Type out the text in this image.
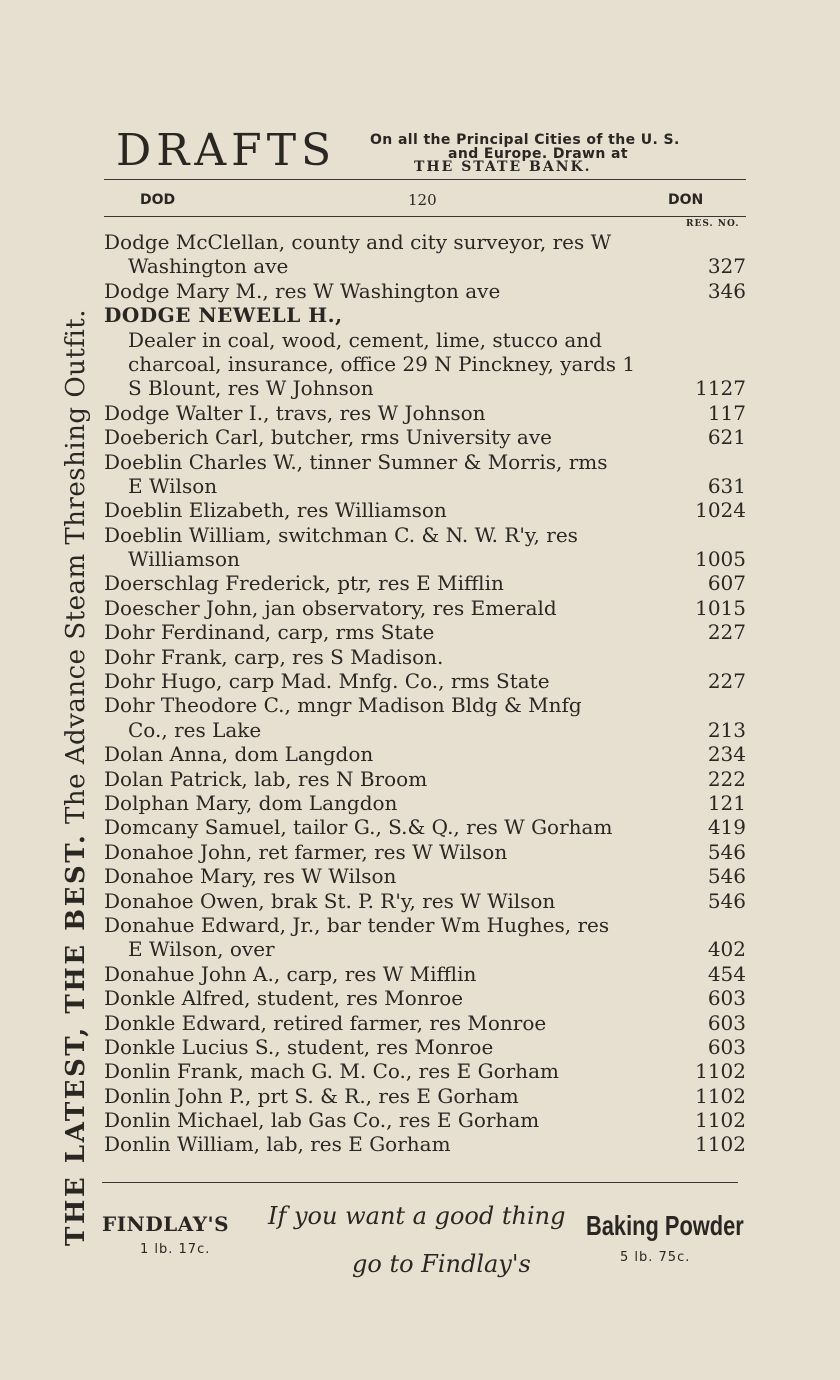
THE LATEST, THE BEST. The Advance Steam Threshing Outfit.
DRAFTS On all the Principal Cities of the U. S.
and Europe. Drawn at
THE STATE BANK.
DOD	120	DON
RES. NO.
Dodge McClellan, county and city surveyor, res W
Washington ave	327
Dodge Mary M., res W Washington ave	346
DODGE NEWELL H.,
Dealer in coal, wood, cement, lime, stucco and
charcoal, insurance, office 29 N Pinckney, yards 1
S Blount, res W Johnson	1127
Dodge Walter I., travs, res W Johnson	117
Doeberich Carl, butcher, rms University ave	621
Doeblin Charles W., tinner Sumner & Morris, rms
E Wilson	631
Doeblin Elizabeth, res Williamson	1024
Doeblin William, switchman C. & N. W. R'y, res
Williamson	1005
Doerschlag Frederick, ptr, res E Mifflin	607
Doescher John, jan observatory, res Emerald	1015
Dohr Ferdinand, carp, rms State	227
Dohr Frank, carp, res S Madison.
Dohr Hugo, carp Mad. Mnfg. Co., rms State	227
Dohr Theodore C., mngr Madison Bldg & Mnfg
Co., res Lake	213
Dolan Anna, dom Langdon	234
Dolan Patrick, lab, res N Broom	222
Dolphan Mary, dom Langdon	121
Domcany Samuel, tailor G., S.& Q., res W Gorham	419
Donahoe John, ret farmer, res W Wilson	546
Donahoe Mary, res W Wilson	546
Donahoe Owen, brak St. P. R'y, res W Wilson	546
Donahue Edward, Jr., bar tender Wm Hughes, res
E Wilson, over	402
Donahue John A., carp, res W Mifflin	454
Donkle Alfred, student, res Monroe	603
Donkle Edward, retired farmer, res Monroe	603
Donkle Lucius S., student, res Monroe	603
Donlin Frank, mach G. M. Co., res E Gorham	1102
Donlin John P., prt S. & R., res E Gorham	1102
Donlin Michael, lab Gas Co., res E Gorham	1102
Donlin William, lab, res E Gorham	1102
FINDLAY'S
1 lb. 17c.
If you want a good thing
go to Findlay's
Baking Powder
5 lb. 75c.
